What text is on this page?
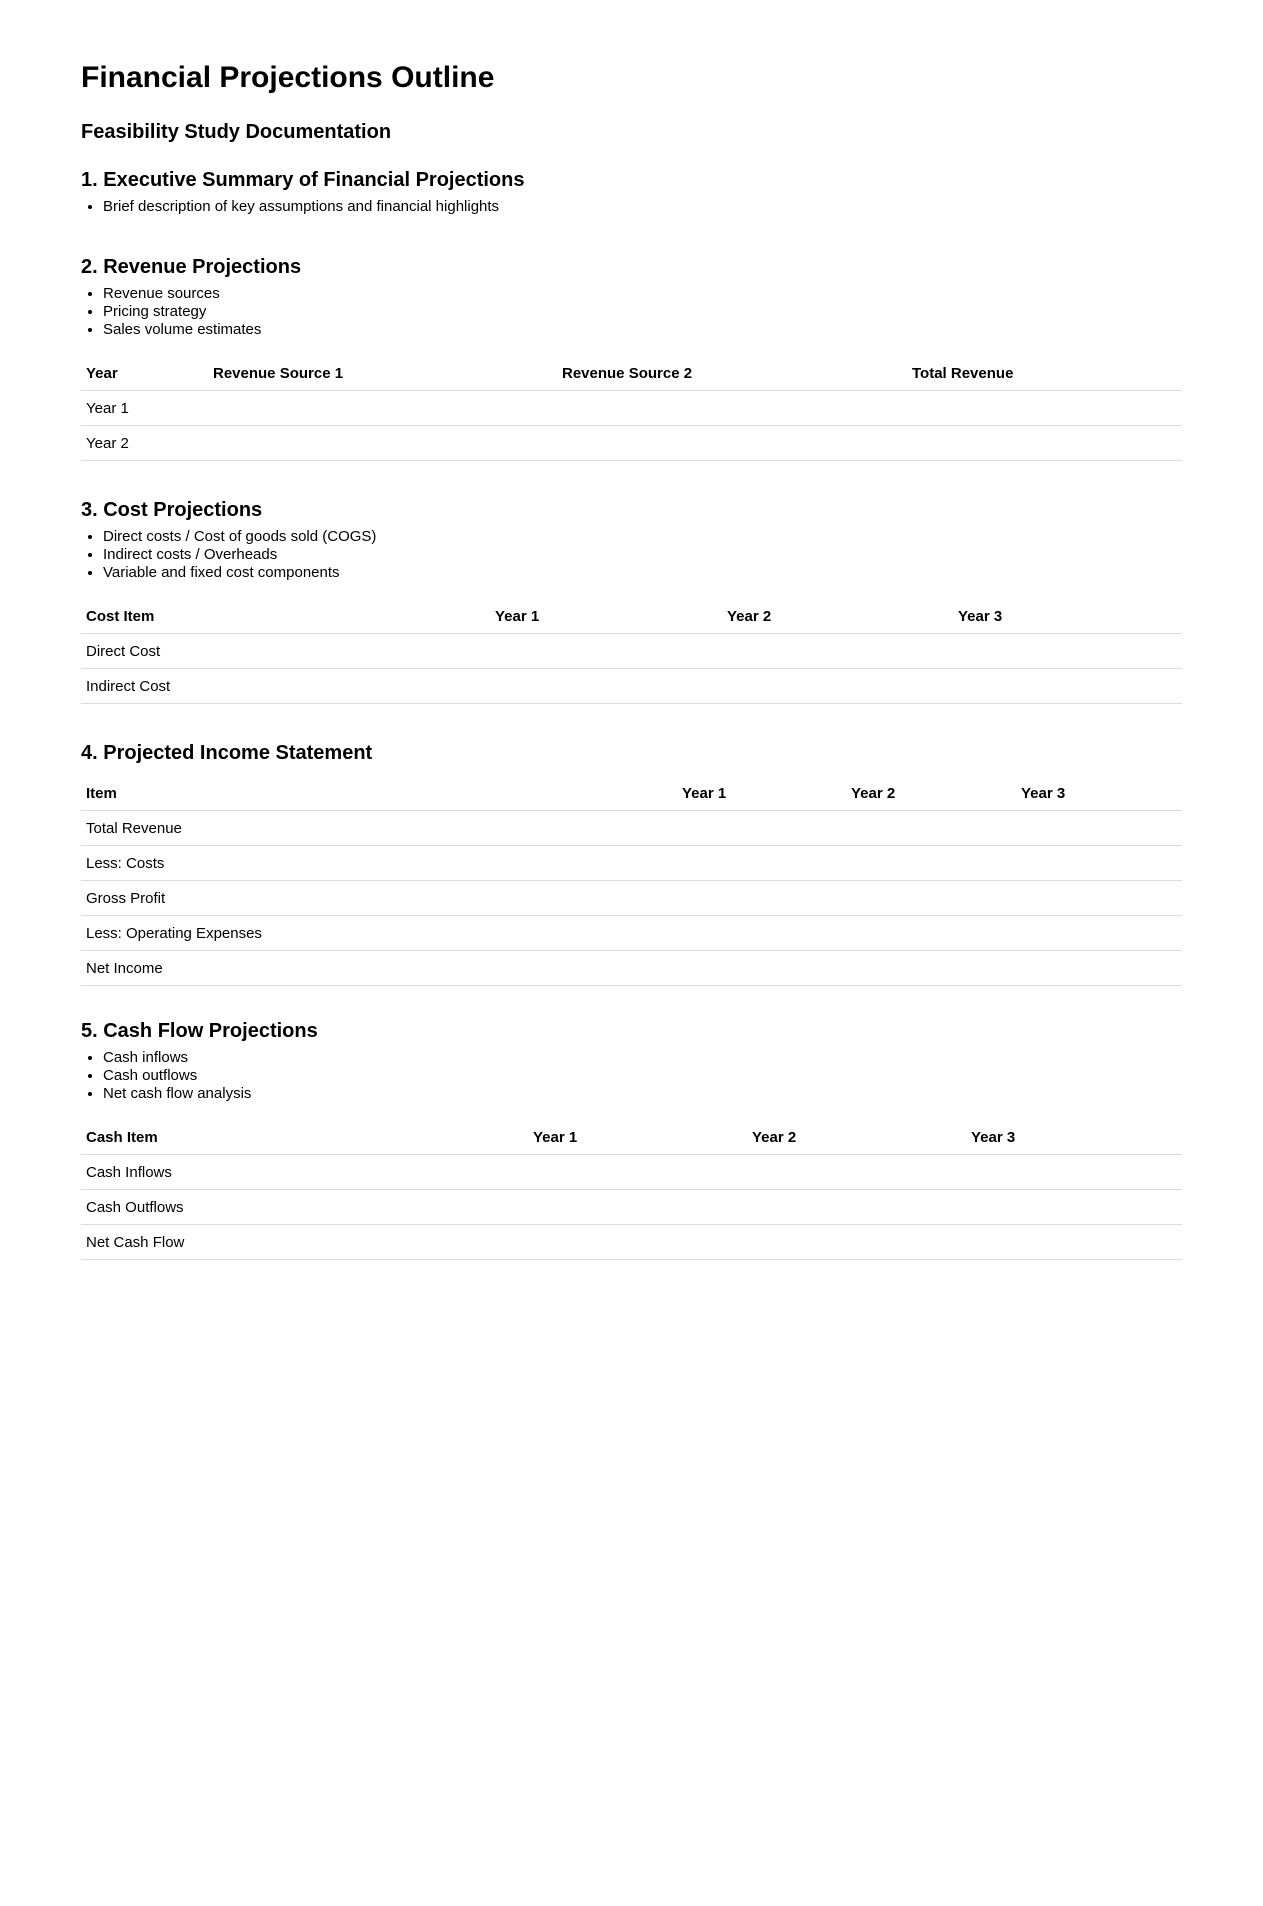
Financial Projections Outline
Feasibility Study Documentation
1. Executive Summary of Financial Projections
• Brief description of key assumptions and financial highlights
2. Revenue Projections
• Revenue sources
• Pricing strategy
• Sales volume estimates
Year	Revenue Source 1	Revenue Source 2	Total Revenue
Year 1			
Year 2			
3. Cost Projections
• Direct costs / Cost of goods sold (COGS)
• Indirect costs / Overheads
• Variable and fixed cost components
Cost Item	Year 1	Year 2	Year 3
Direct Cost			
Indirect Cost			
4. Projected Income Statement
Item	Year 1	Year 2	Year 3
Total Revenue			
Less: Costs			
Gross Profit			
Less: Operating Expenses			
Net Income			
5. Cash Flow Projections
• Cash inflows
• Cash outflows
• Net cash flow analysis
Cash Item	Year 1	Year 2	Year 3
Cash Inflows			
Cash Outflows			
Net Cash Flow			
